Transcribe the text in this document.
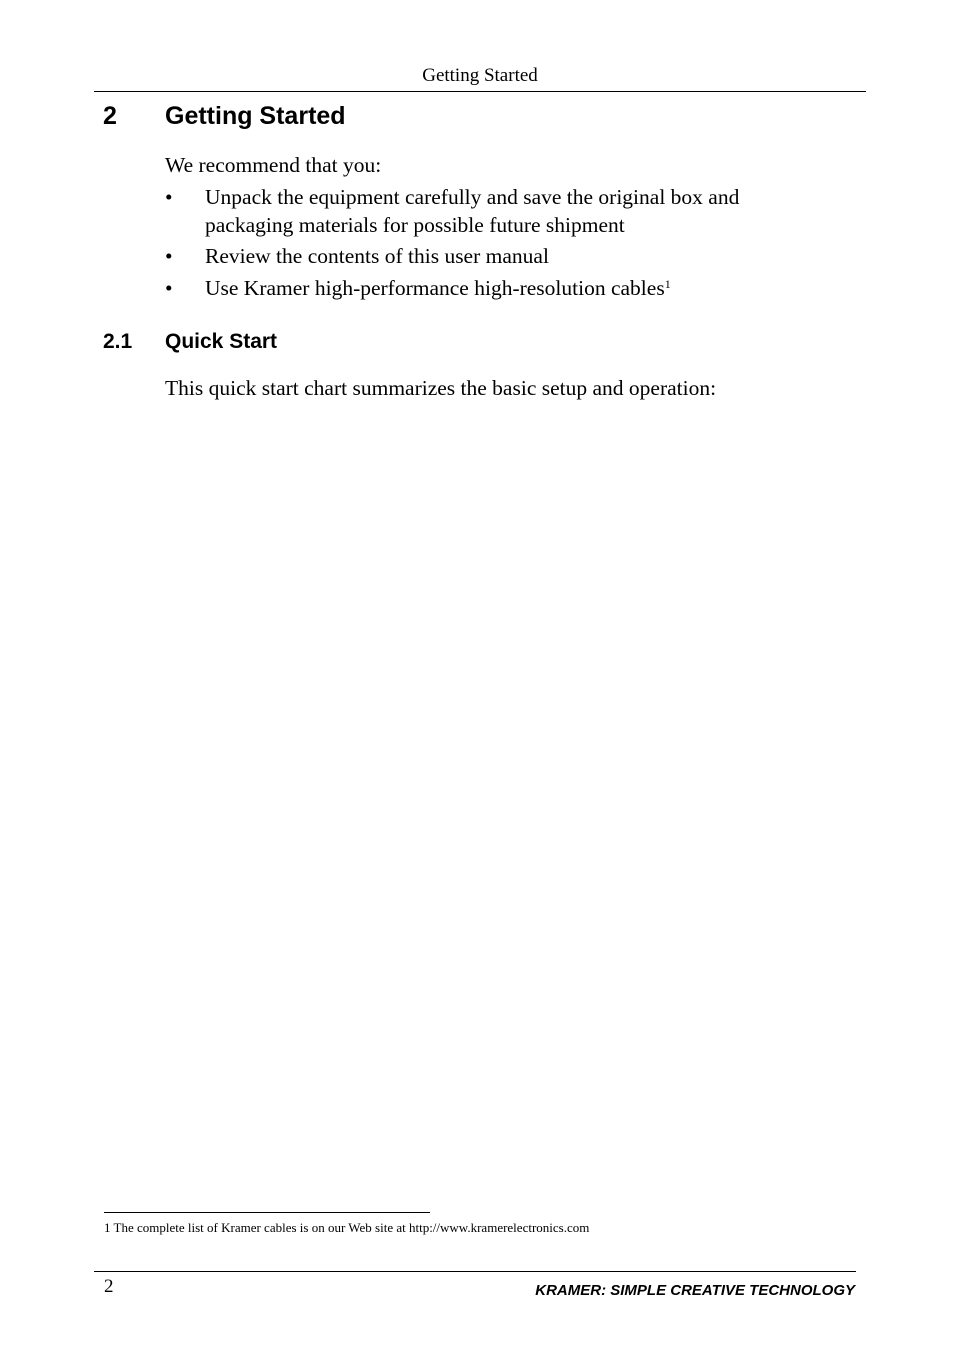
Getting Started
2 Getting Started
We recommend that you:
• Unpack the equipment carefully and save the original box and packaging materials for possible future shipment
• Review the contents of this user manual
• Use Kramer high-performance high-resolution cables$^1$
2.1 Quick Start
This quick start chart summarizes the basic setup and operation:
1 The complete list of Kramer cables is on our Web site at http://www.kramerelectronics.com
2	KRAMER: SIMPLE CREATIVE TECHNOLOGY
